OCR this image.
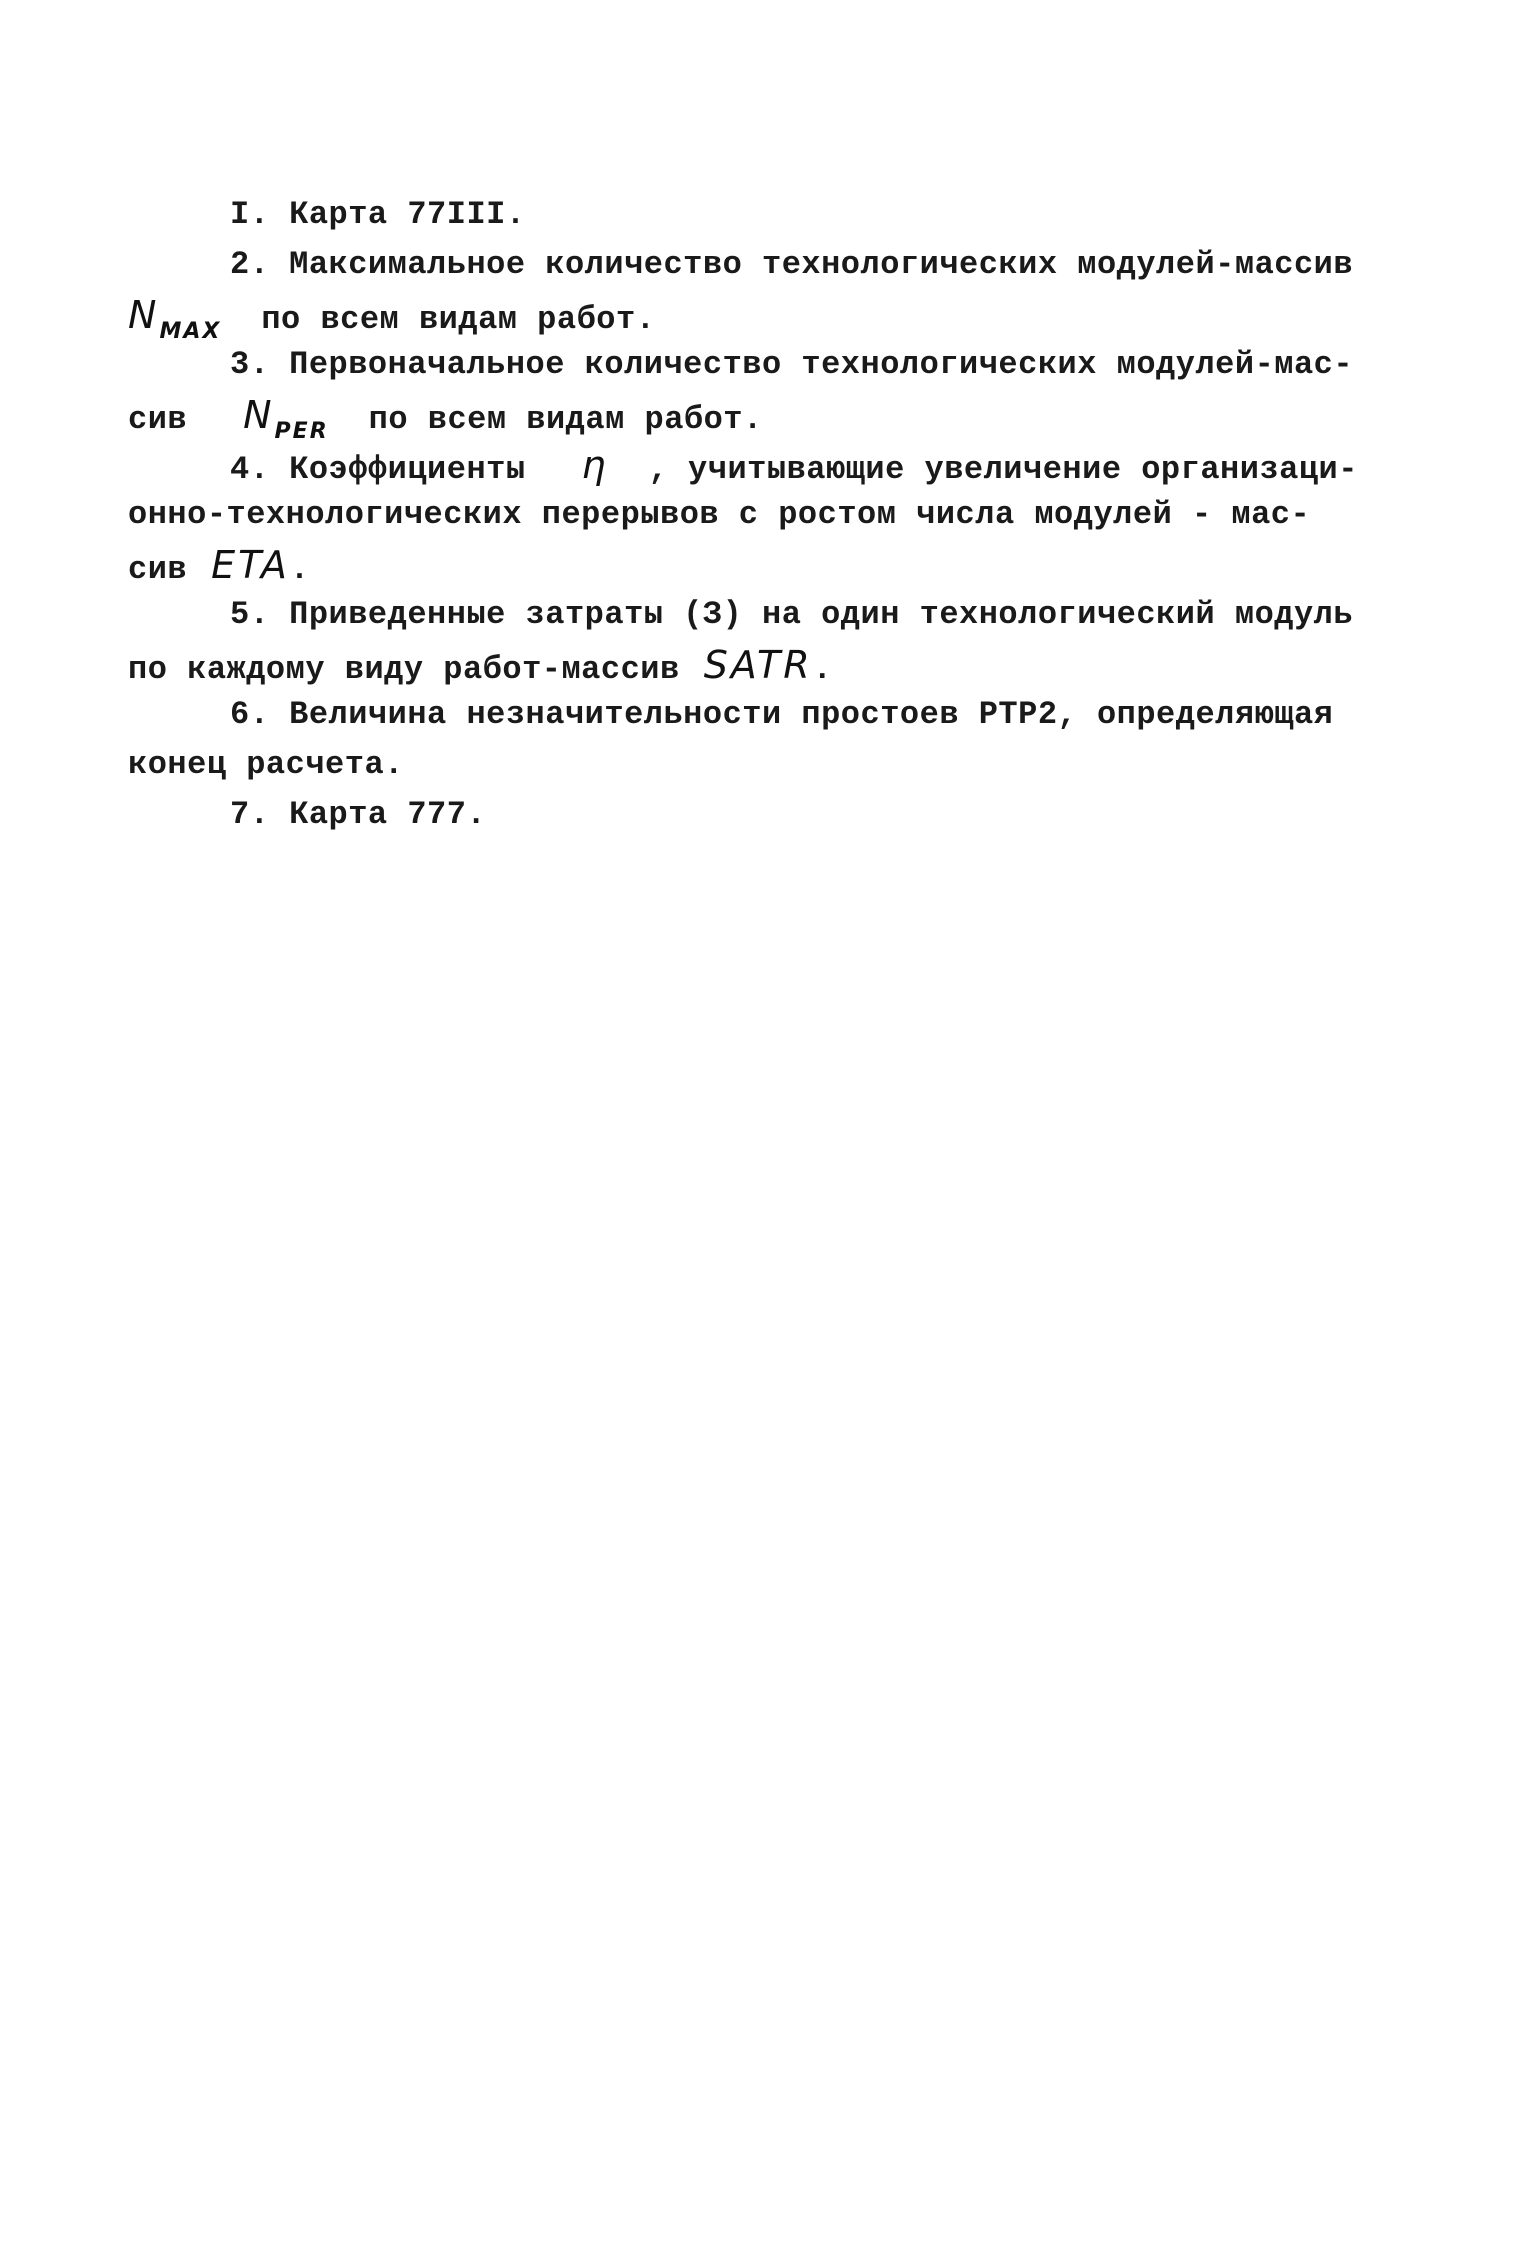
I. Карта 77III.
2. Максимальное количество технологических модулей-массив
$N_{MAX}$ по всем видам работ.
3. Первоначальное количество технологических модулей-мас-
сив $N_{PER}$ по всем видам работ.
4. Коэффициенты η , учитывающие увеличение организаци-
онно-технологических перерывов с ростом числа модулей - мас-
сив ETA.
5. Приведенные затраты (З) на один технологический модуль
по каждому виду работ-массив SATR.
6. Величина незначительности простоев РТР2, определяющая
конец расчета.
7. Карта 777.
